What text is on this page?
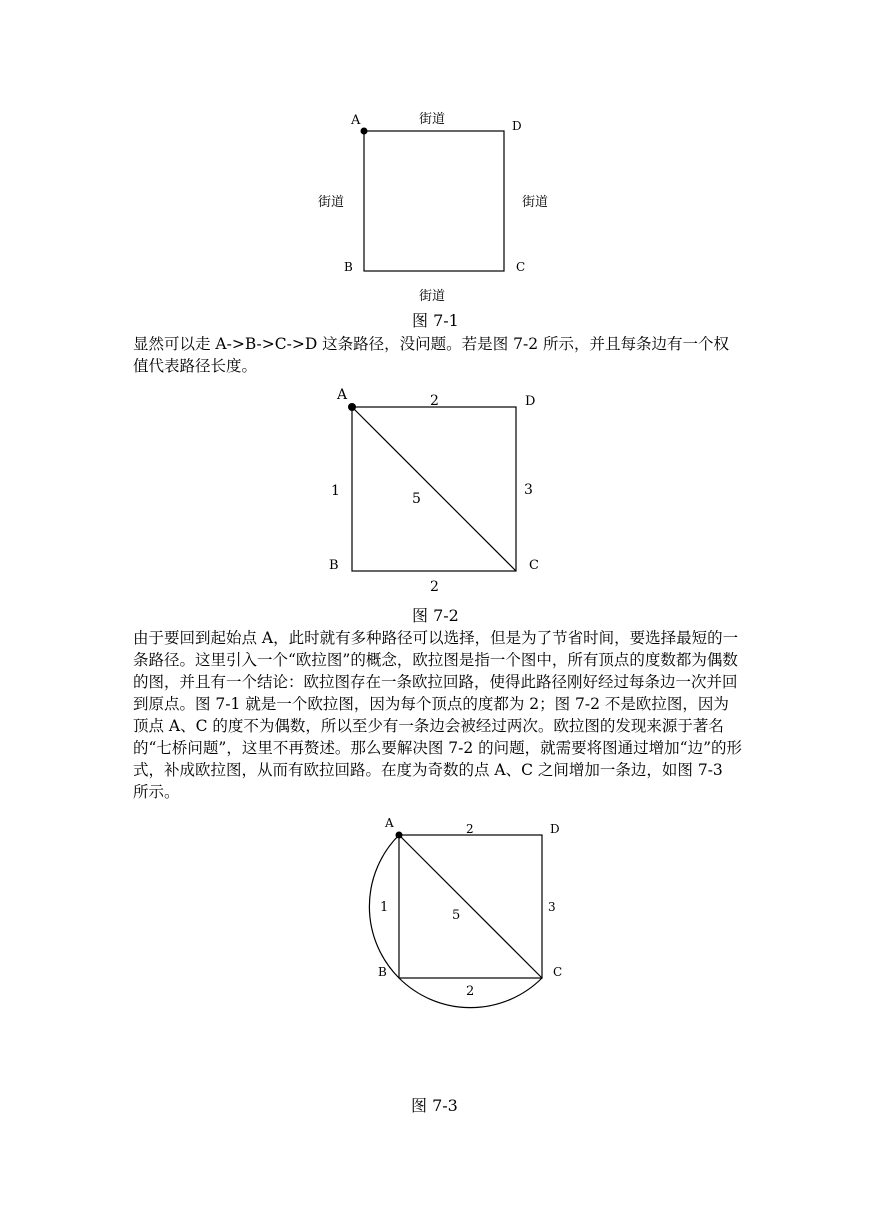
A	D
B	C
街道
街道	街道
街道
图 7-1

显然可以走 A->B->C->D 这条路径，没问题。若是图 7-2 所示，并且每条边有一个权值代表路径长度。

A	D
B	C
2
1	5
3
2
图 7-2

由于要回到起始点 A，此时就有多种路径可以选择，但是为了节省时间，要选择最短的一条路径。这里引入一个“欧拉图”的概念，欧拉图是指一个图中，所有顶点的度数都为偶数的图，并且有一个结论：欧拉图存在一条欧拉回路，使得此路径刚好经过每条边一次并回到原点。图 7-1 就是一个欧拉图，因为每个顶点的度都为 2；图 7-2 不是欧拉图，因为顶点 A、C 的度不为偶数，所以至少有一条边会被经过两次。欧拉图的发现来源于著名的“七桥问题”，这里不再赘述。那么要解决图 7-2 的问题，就需要将图通过增加“边”的形式，补成欧拉图，从而有欧拉回路。在度为奇数的点 A、C 之间增加一条边，如图 7-3 所示。

A	D
B	C
2
1
5
3
2
图 7-3
